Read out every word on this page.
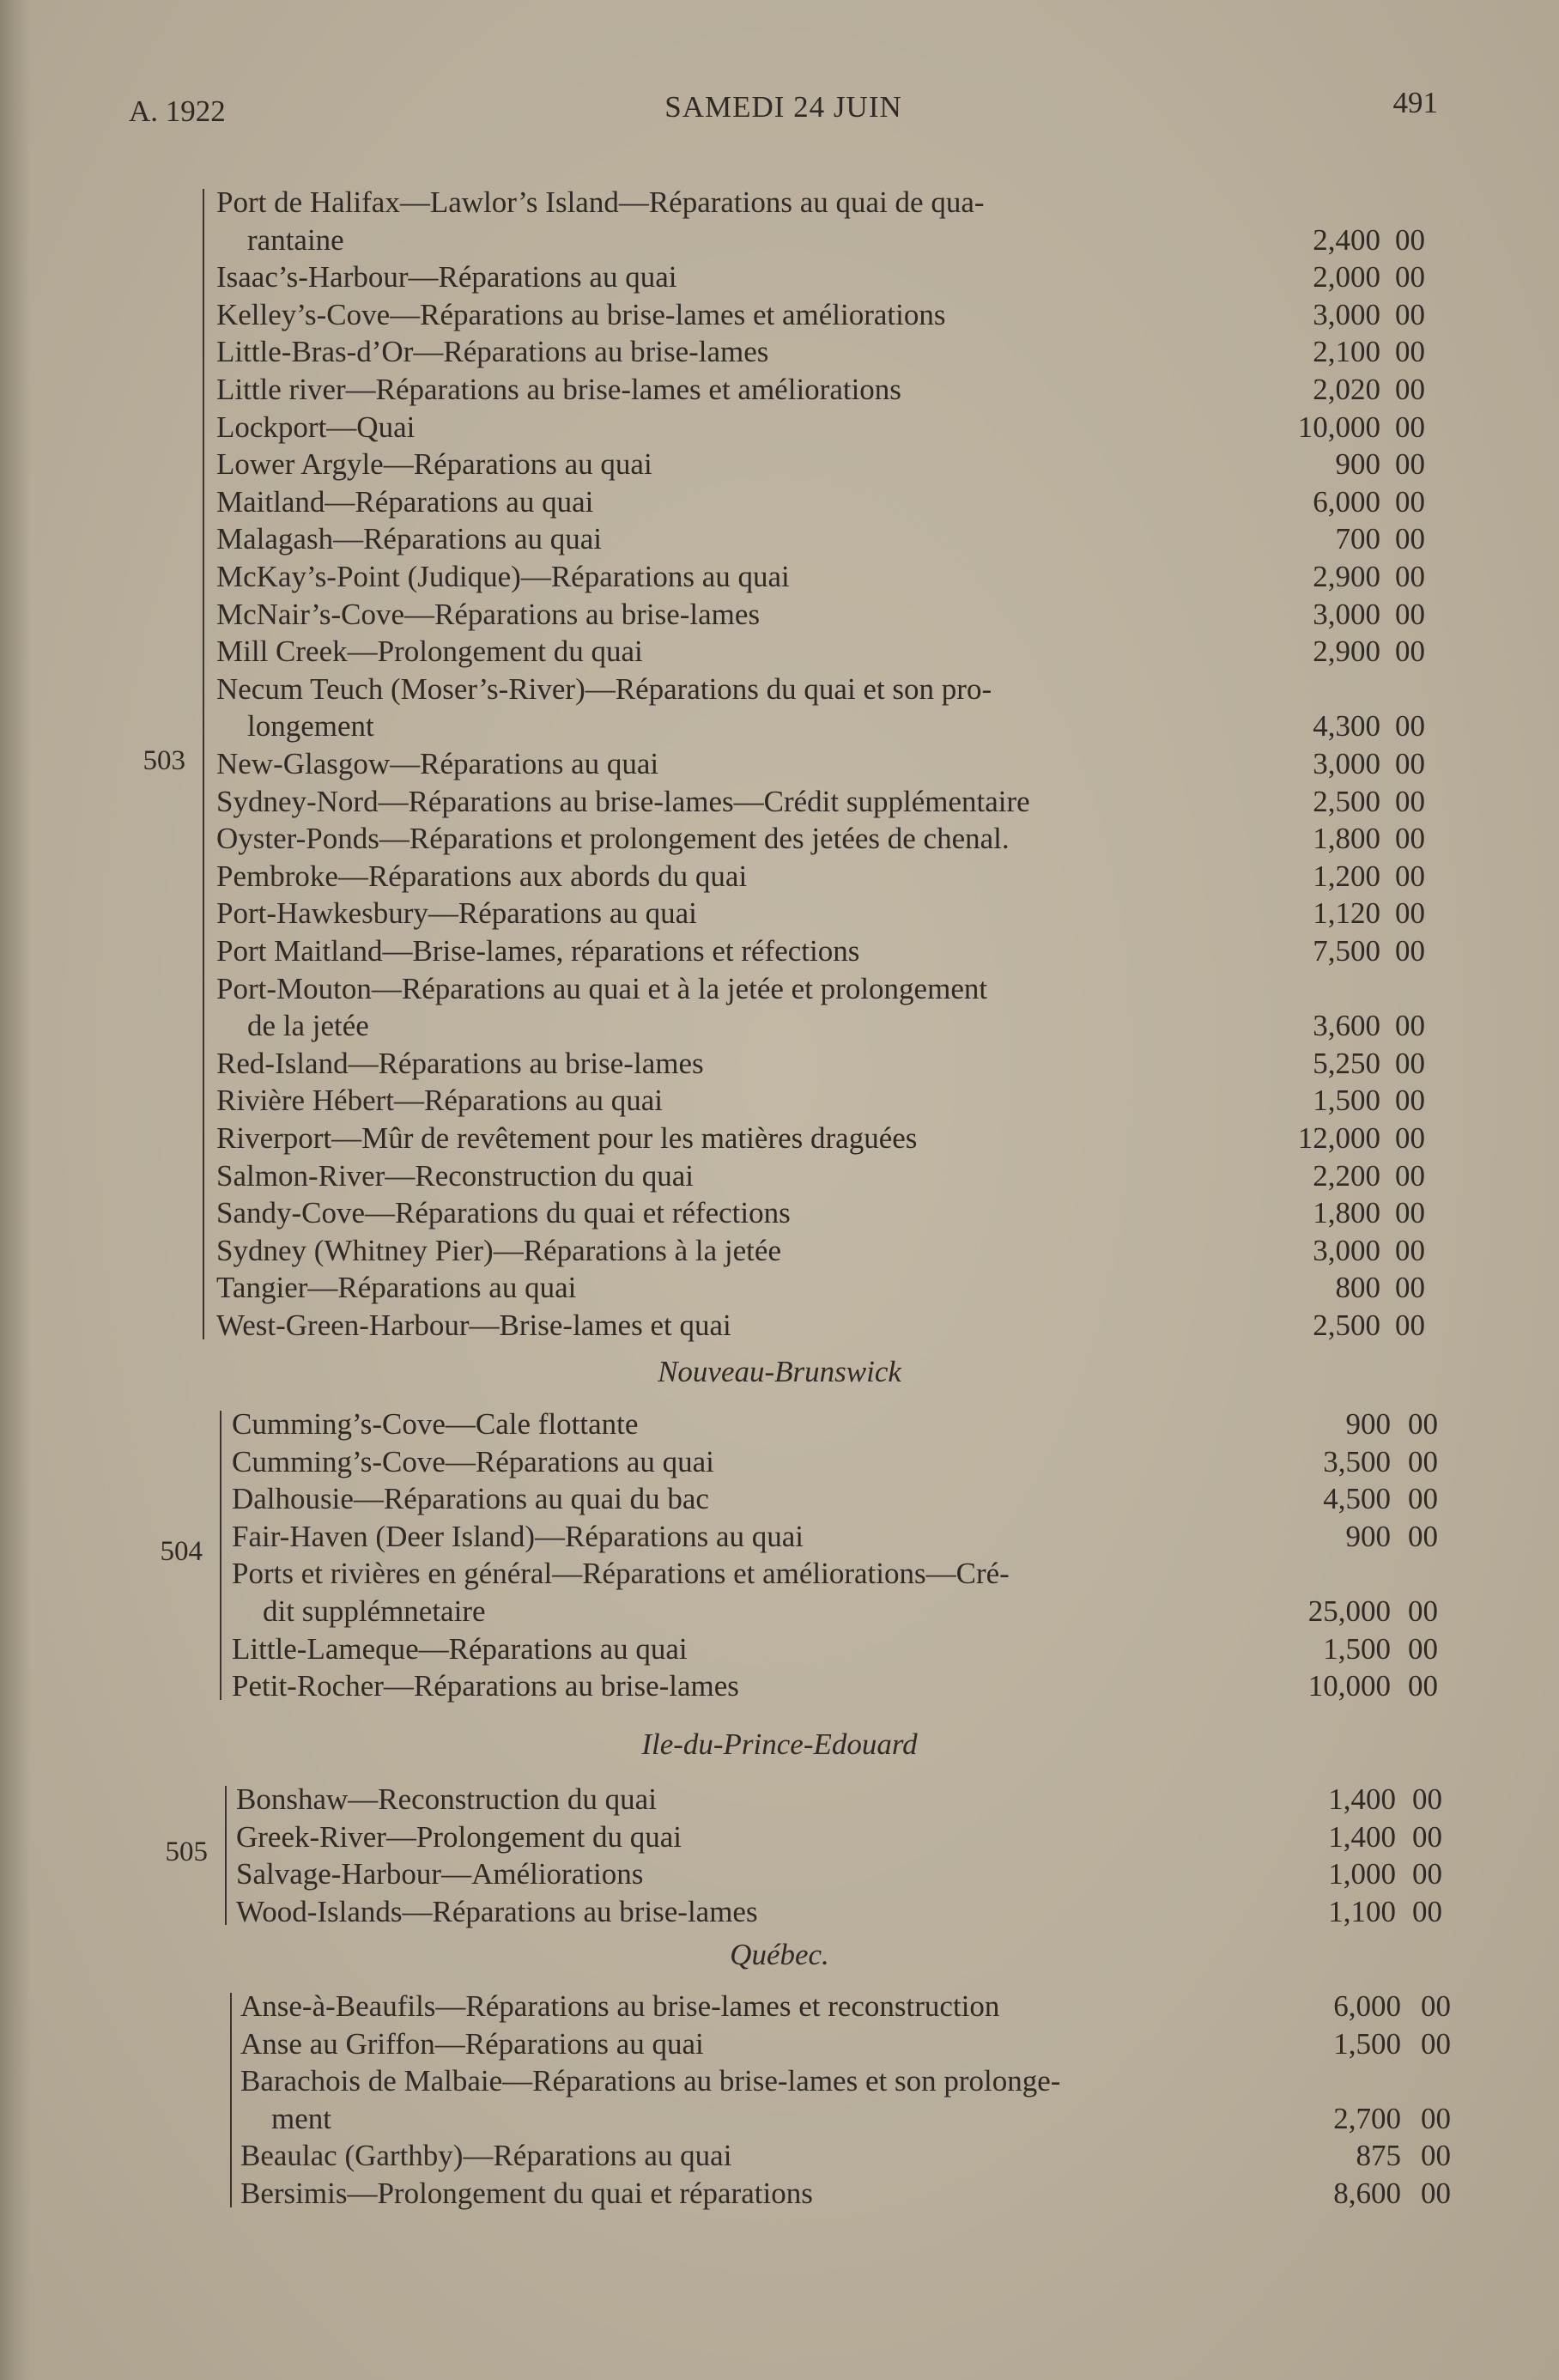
A. 1922	SAMEDI 24 JUIN	491
Port de Halifax—Lawlor’s Island—Réparations au quai de qua-
rantaine	2,400 00
Isaac’s-Harbour—Réparations au quai	2,000 00
Kelley’s-Cove—Réparations au brise-lames et améliorations	3,000 00
Little-Bras-d’Or—Réparations au brise-lames	2,100 00
Little river—Réparations au brise-lames et améliorations	2,020 00
Lockport—Quai	10,000 00
Lower Argyle—Réparations au quai	900 00
Maitland—Réparations au quai	6,000 00
Malagash—Réparations au quai	700 00
McKay’s-Point (Judique)—Réparations au quai	2,900 00
McNair’s-Cove—Réparations au brise-lames	3,000 00
Mill Creek—Prolongement du quai	2,900 00
Necum Teuch (Moser’s-River)—Réparations du quai et son pro-
longement	4,300 00
New-Glasgow—Réparations au quai	3,000 00
Sydney-Nord—Réparations au brise-lames—Crédit supplémentaire	2,500 00
Oyster-Ponds—Réparations et prolongement des jetées de chenal.	1,800 00
Pembroke—Réparations aux abords du quai	1,200 00
Port-Hawkesbury—Réparations au quai	1,120 00
Port Maitland—Brise-lames, réparations et réfections	7,500 00
Port-Mouton—Réparations au quai et à la jetée et prolongement
de la jetée	3,600 00
Red-Island—Réparations au brise-lames	5,250 00
Rivière Hébert—Réparations au quai	1,500 00
Riverport—Mûr de revêtement pour les matières draguées	12,000 00
Salmon-River—Reconstruction du quai	2,200 00
Sandy-Cove—Réparations du quai et réfections	1,800 00
Sydney (Whitney Pier)—Réparations à la jetée	3,000 00
Tangier—Réparations au quai	800 00
West-Green-Harbour—Brise-lames et quai	2,500 00
503
Nouveau-Brunswick
Cumming’s-Cove—Cale flottante	900 00
Cumming’s-Cove—Réparations au quai	3,500 00
Dalhousie—Réparations au quai du bac	4,500 00
Fair-Haven (Deer Island)—Réparations au quai	900 00
Ports et rivières en général—Réparations et améliorations—Cré-
dit supplémnetaire	25,000 00
Little-Lameque—Réparations au quai	1,500 00
Petit-Rocher—Réparations au brise-lames	10,000 00
504
Ile-du-Prince-Edouard
Bonshaw—Reconstruction du quai	1,400 00
Greek-River—Prolongement du quai	1,400 00
Salvage-Harbour—Améliorations	1,000 00
Wood-Islands—Réparations au brise-lames	1,100 00
505
Québec.
Anse-à-Beaufils—Réparations au brise-lames et reconstruction	6,000 00
Anse au Griffon—Réparations au quai	1,500 00
Barachois de Malbaie—Réparations au brise-lames et son prolonge-
ment	2,700 00
Beaulac (Garthby)—Réparations au quai	875 00
Bersimis—Prolongement du quai et réparations	8,600 00
